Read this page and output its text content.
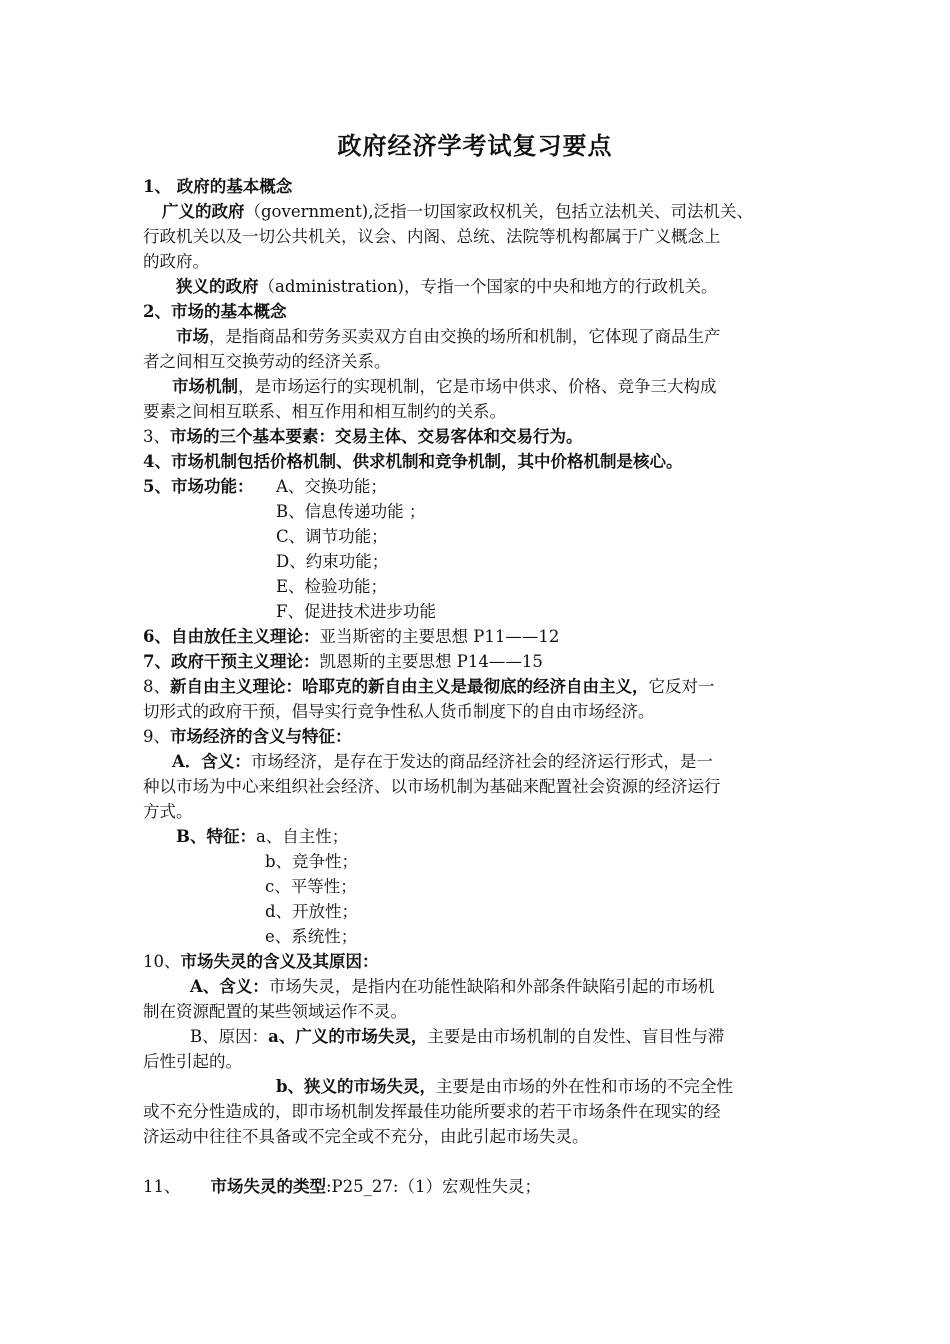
政府经济学考试复习要点
1、 政府的基本概念
广义的政府（government),泛指一切国家政权机关，包括立法机关、司法机关、
行政机关以及一切公共机关，议会、内阁、总统、法院等机构都属于广义概念上
的政府。
狭义的政府（administration)，专指一个国家的中央和地方的行政机关。
2、市场的基本概念
市场，是指商品和劳务买卖双方自由交换的场所和机制，它体现了商品生产
者之间相互交换劳动的经济关系。
市场机制，是市场运行的实现机制，它是市场中供求、价格、竞争三大构成
要素之间相互联系、相互作用和相互制约的关系。
3、市场的三个基本要素：交易主体、交易客体和交易行为。
4、市场机制包括价格机制、供求机制和竞争机制，其中价格机制是核心。
5、市场功能： A、交换功能；
B、信息传递功能 ；
C、调节功能；
D、约束功能；
E、检验功能；
F、促进技术进步功能
6、自由放任主义理论：亚当斯密的主要思想 P11——12
7、政府干预主义理论：凯恩斯的主要思想 P14——15
8、新自由主义理论：哈耶克的新自由主义是最彻底的经济自由主义，它反对一
切形式的政府干预，倡导实行竞争性私人货币制度下的自由市场经济。
9、市场经济的含义与特征：
A．含义：市场经济，是存在于发达的商品经济社会的经济运行形式，是一
种以市场为中心来组织社会经济、以市场机制为基础来配置社会资源的经济运行
方式。
B、特征：a、自主性；
b、竞争性；
c、平等性；
d、开放性；
e、系统性；
10、市场失灵的含义及其原因：
A、含义：市场失灵，是指内在功能性缺陷和外部条件缺陷引起的市场机
制在资源配置的某些领域运作不灵。
B、原因：a、广义的市场失灵，主要是由市场机制的自发性、盲目性与滞
后性引起的。
b、狭义的市场失灵，主要是由市场的外在性和市场的不完全性
或不充分性造成的，即市场机制发挥最佳功能所要求的若干市场条件在现实的经
济运动中往往不具备或不完全或不充分，由此引起市场失灵。
11、 市场失灵的类型:P25_27:（1）宏观性失灵；
